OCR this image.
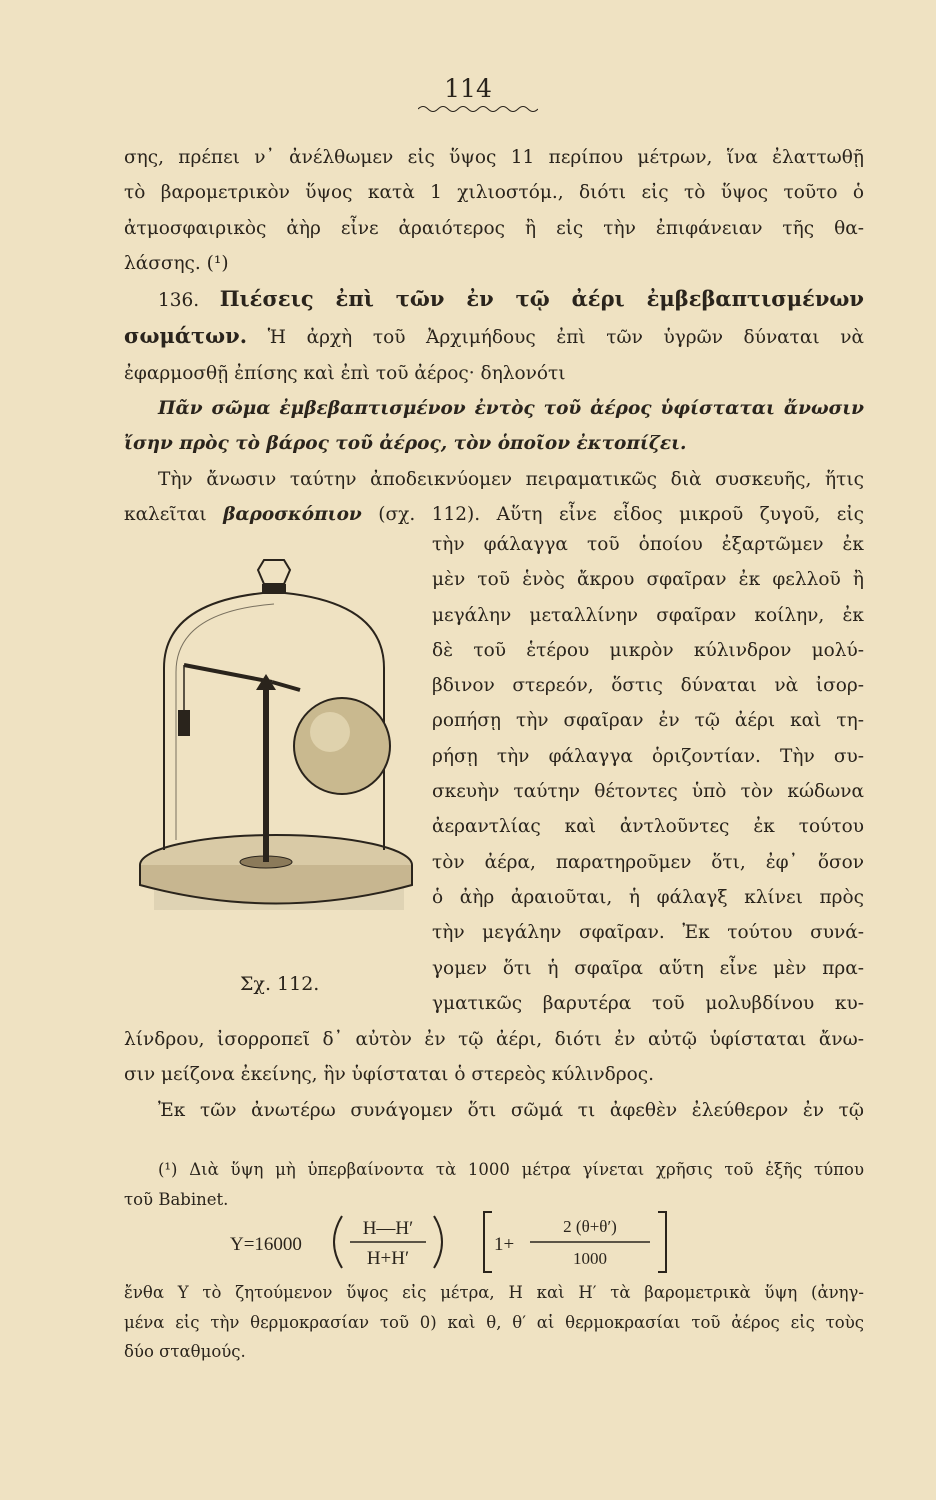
114
σης, πρέπει ν᾽ ἀνέλθωμεν εἰς ὕψος 11 περίπου μέτρων, ἵνα ἐλαττωθῇ
τὸ βαρομετρικὸν ὕψος κατὰ 1 χιλιοστόμ., διότι εἰς τὸ ὕψος τοῦτο ὁ
ἀτμοσφαιρικὸς ἀὴρ εἶνε ἀραιότερος ἢ εἰς τὴν ἐπιφάνειαν τῆς θα-
λάσσης. (¹)
136. Πιέσεις ἐπὶ τῶν ἐν τῷ ἀέρι ἐμβεβαπτισμένων
σωμάτων. Ἡ ἀρχὴ τοῦ Ἀρχιμήδους ἐπὶ τῶν ὑγρῶν δύναται νὰ
ἐφαρμοσθῇ ἐπίσης καὶ ἐπὶ τοῦ ἀέρος· δηλονότι
Πᾶν σῶμα ἐμβεβαπτισμένον ἐντὸς τοῦ ἀέρος ὑφίσταται ἄνωσιν
ἴσην πρὸς τὸ βάρος τοῦ ἀέρος, τὸν ὁποῖον ἐκτοπίζει.
Τὴν ἄνωσιν ταύτην ἀποδεικνύομεν πειραματικῶς διὰ συσκευῆς, ἥτις
καλεῖται βαροσκόπιον (σχ. 112). Αὕτη εἶνε εἶδος μικροῦ ζυγοῦ, εἰς
Σχ. 112.
τὴν φάλαγγα τοῦ ὁποίου ἐξαρτῶμεν ἐκ
μὲν τοῦ ἑνὸς ἄκρου σφαῖραν ἐκ φελλοῦ ἢ
μεγάλην μεταλλίνην σφαῖραν κοίλην, ἐκ
δὲ τοῦ ἑτέρου μικρὸν κύλινδρον μολύ-
βδινον στερεόν, ὅστις δύναται νὰ ἰσορ-
ροπήσῃ τὴν σφαῖραν ἐν τῷ ἀέρι καὶ τη-
ρήσῃ τὴν φάλαγγα ὁριζοντίαν. Τὴν συ-
σκευὴν ταύτην θέτοντες ὑπὸ τὸν κώδωνα
ἀεραντλίας καὶ ἀντλοῦντες ἐκ τούτου
τὸν ἀέρα, παρατηροῦμεν ὅτι, ἐφ᾽ ὅσον
ὁ ἀὴρ ἀραιοῦται, ἡ φάλαγξ κλίνει πρὸς
τὴν μεγάλην σφαῖραν. Ἐκ τούτου συνά-
γομεν ὅτι ἡ σφαῖρα αὕτη εἶνε μὲν πρα-
γματικῶς βαρυτέρα τοῦ μολυβδίνου κυ-
λίνδρου, ἰσορροπεῖ δ᾽ αὐτὸν ἐν τῷ ἀέρι, διότι ἐν αὐτῷ ὑφίσταται ἄνω-
σιν μείζονα ἐκείνης, ἣν ὑφίσταται ὁ στερεὸς κύλινδρος.
Ἐκ τῶν ἀνωτέρω συνάγομεν ὅτι σῶμά τι ἀφεθὲν ἐλεύθερον ἐν τῷ
(¹) Διὰ ὕψη μὴ ὑπερβαίνοντα τὰ 1000 μέτρα γίνεται χρῆσις τοῦ ἑξῆς τύπου
τοῦ Babinet.
Υ=16000
Η—Η′
Η+Η′
1+
2 (θ+θ′)
1000
ἔνθα Υ τὸ ζητούμενον ὕψος εἰς μέτρα, Η καὶ Η′ τὰ βαρομετρικὰ ὕψη (ἀνηγ-
μένα εἰς τὴν θερμοκρασίαν τοῦ 0) καὶ θ, θ′ αἱ θερμοκρασίαι τοῦ ἀέρος εἰς τοὺς
δύο σταθμούς.
